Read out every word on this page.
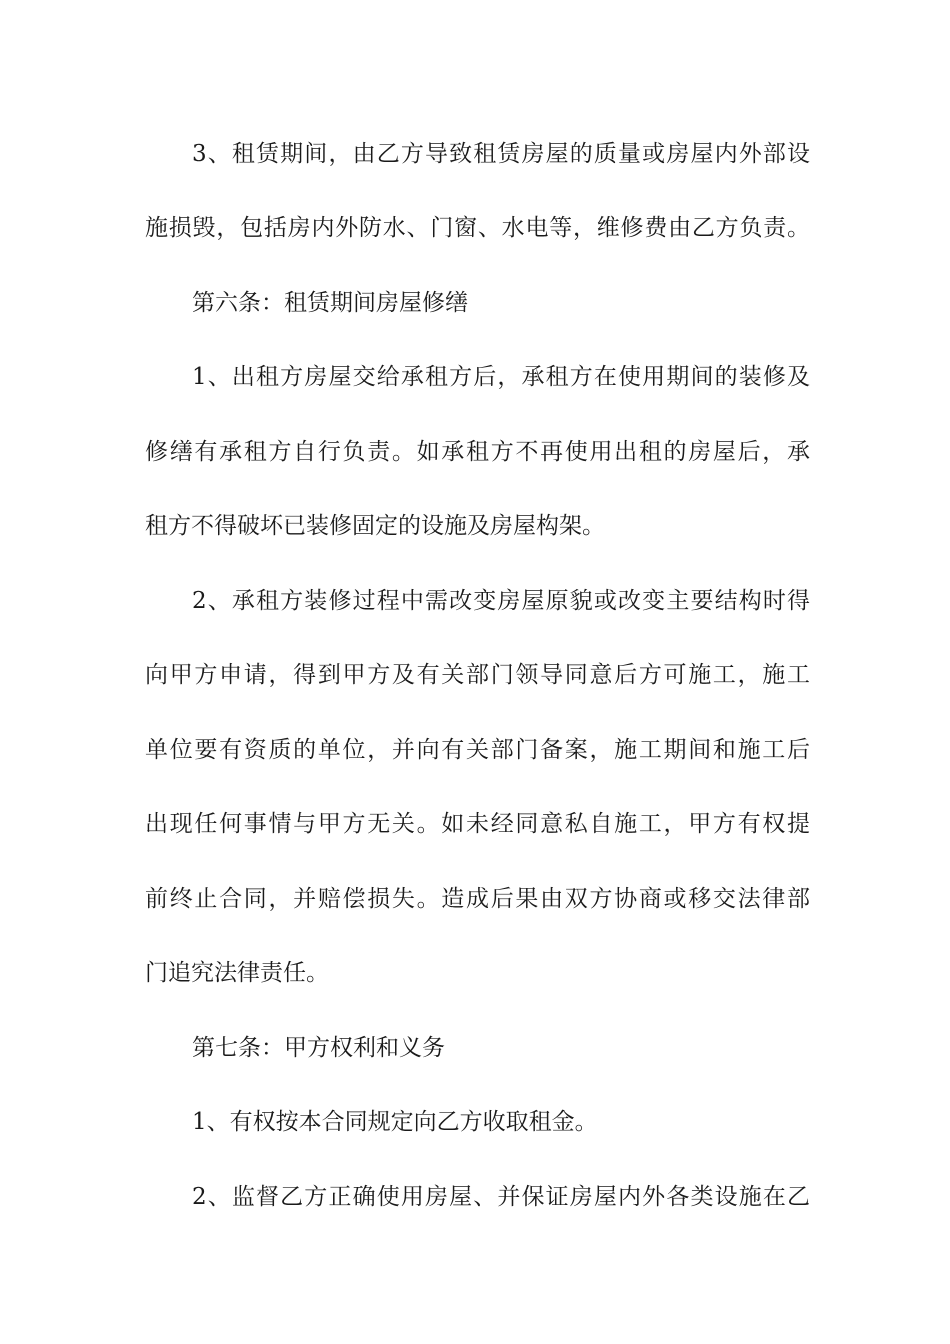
3、租赁期间，由乙方导致租赁房屋的质量或房屋内外部设
施损毁，包括房内外防水、门窗、水电等，维修费由乙方负责。
第六条：租赁期间房屋修缮
1、出租方房屋交给承租方后，承租方在使用期间的装修及
修缮有承租方自行负责。如承租方不再使用出租的房屋后，承
租方不得破坏已装修固定的设施及房屋构架。
2、承租方装修过程中需改变房屋原貌或改变主要结构时得
向甲方申请，得到甲方及有关部门领导同意后方可施工，施工
单位要有资质的单位，并向有关部门备案，施工期间和施工后
出现任何事情与甲方无关。如未经同意私自施工，甲方有权提
前终止合同，并赔偿损失。造成后果由双方协商或移交法律部
门追究法律责任。
第七条：甲方权利和义务
1、有权按本合同规定向乙方收取租金。
2、监督乙方正确使用房屋、并保证房屋内外各类设施在乙
